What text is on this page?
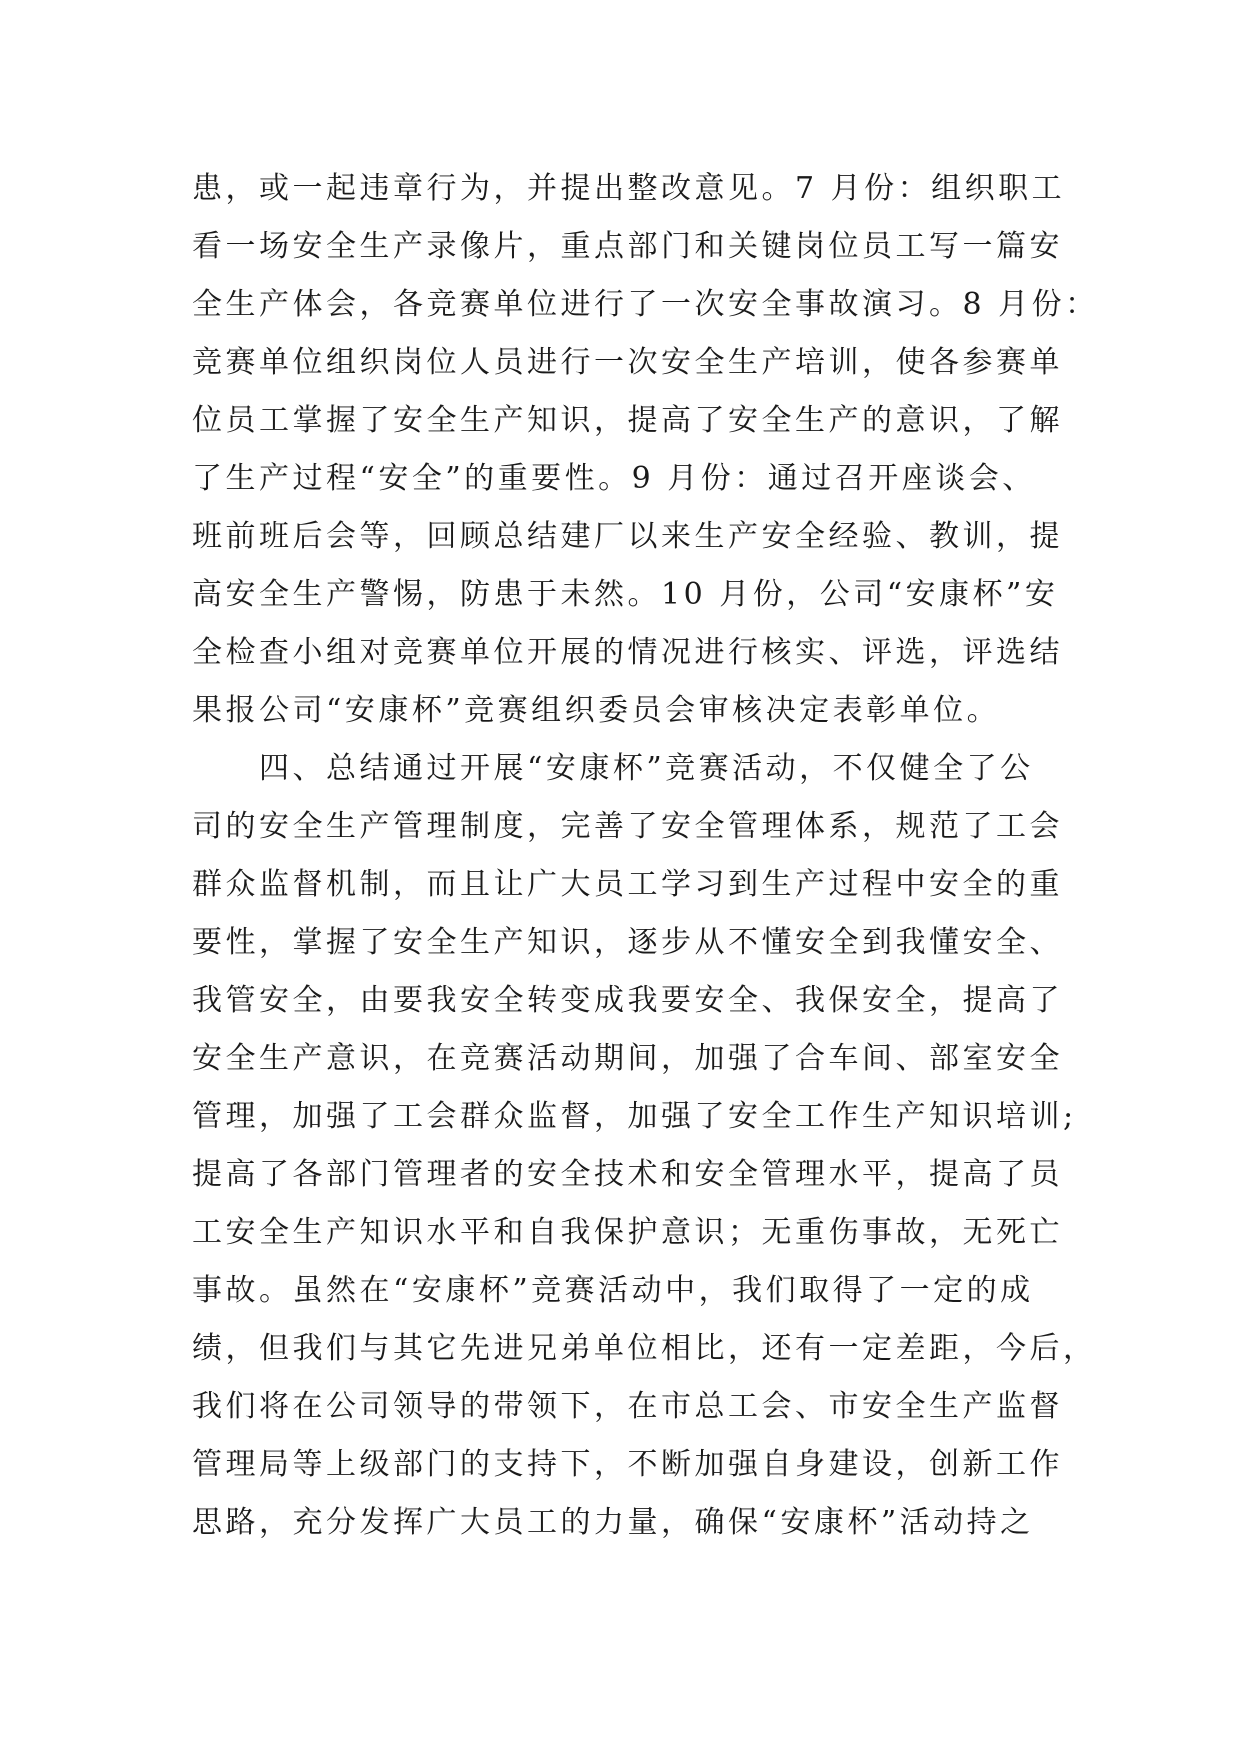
患，或一起违章行为，并提出整改意见。7 月份：组织职工
看一场安全生产录像片，重点部门和关键岗位员工写一篇安
全生产体会，各竞赛单位进行了一次安全事故演习。8 月份：
竞赛单位组织岗位人员进行一次安全生产培训，使各参赛单
位员工掌握了安全生产知识，提高了安全生产的意识，了解
了生产过程“安全”的重要性。9 月份：通过召开座谈会、
班前班后会等，回顾总结建厂以来生产安全经验、教训，提
高安全生产警惕，防患于未然。10 月份，公司“安康杯”安
全检查小组对竞赛单位开展的情况进行核实、评选，评选结
果报公司“安康杯”竞赛组织委员会审核决定表彰单位。
　　四、总结通过开展“安康杯”竞赛活动，不仅健全了公
司的安全生产管理制度，完善了安全管理体系，规范了工会
群众监督机制，而且让广大员工学习到生产过程中安全的重
要性，掌握了安全生产知识，逐步从不懂安全到我懂安全、
我管安全，由要我安全转变成我要安全、我保安全，提高了
安全生产意识，在竞赛活动期间，加强了合车间、部室安全
管理，加强了工会群众监督，加强了安全工作生产知识培训;
提高了各部门管理者的安全技术和安全管理水平，提高了员
工安全生产知识水平和自我保护意识；无重伤事故，无死亡
事故。虽然在“安康杯”竞赛活动中，我们取得了一定的成
绩，但我们与其它先进兄弟单位相比，还有一定差距，今后，
我们将在公司领导的带领下，在市总工会、市安全生产监督
管理局等上级部门的支持下，不断加强自身建设，创新工作
思路，充分发挥广大员工的力量，确保“安康杯”活动持之
